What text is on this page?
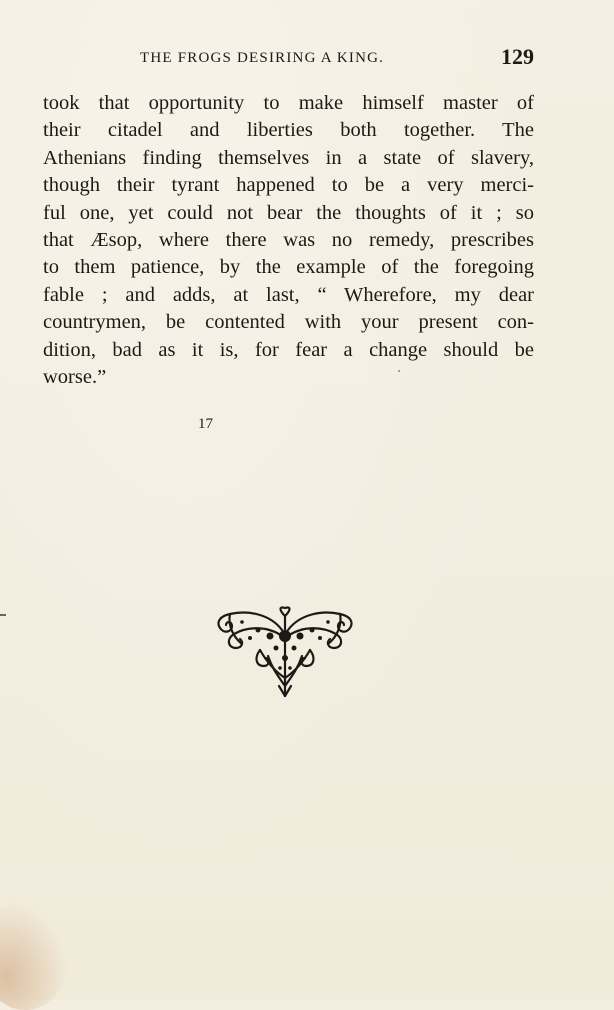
THE FROGS DESIRING A KING.	129
took that opportunity to make himself master of
their citadel and liberties both together. The
Athenians finding themselves in a state of slavery,
though their tyrant happened to be a very merci-
ful one, yet could not bear the thoughts of it ; so
that Æsop, where there was no remedy, prescribes
to them patience, by the example of the foregoing
fable ; and adds, at last, “ Wherefore, my dear
countrymen, be contented with your present con-
dition, bad as it is, for fear a change should be
worse.”
17
